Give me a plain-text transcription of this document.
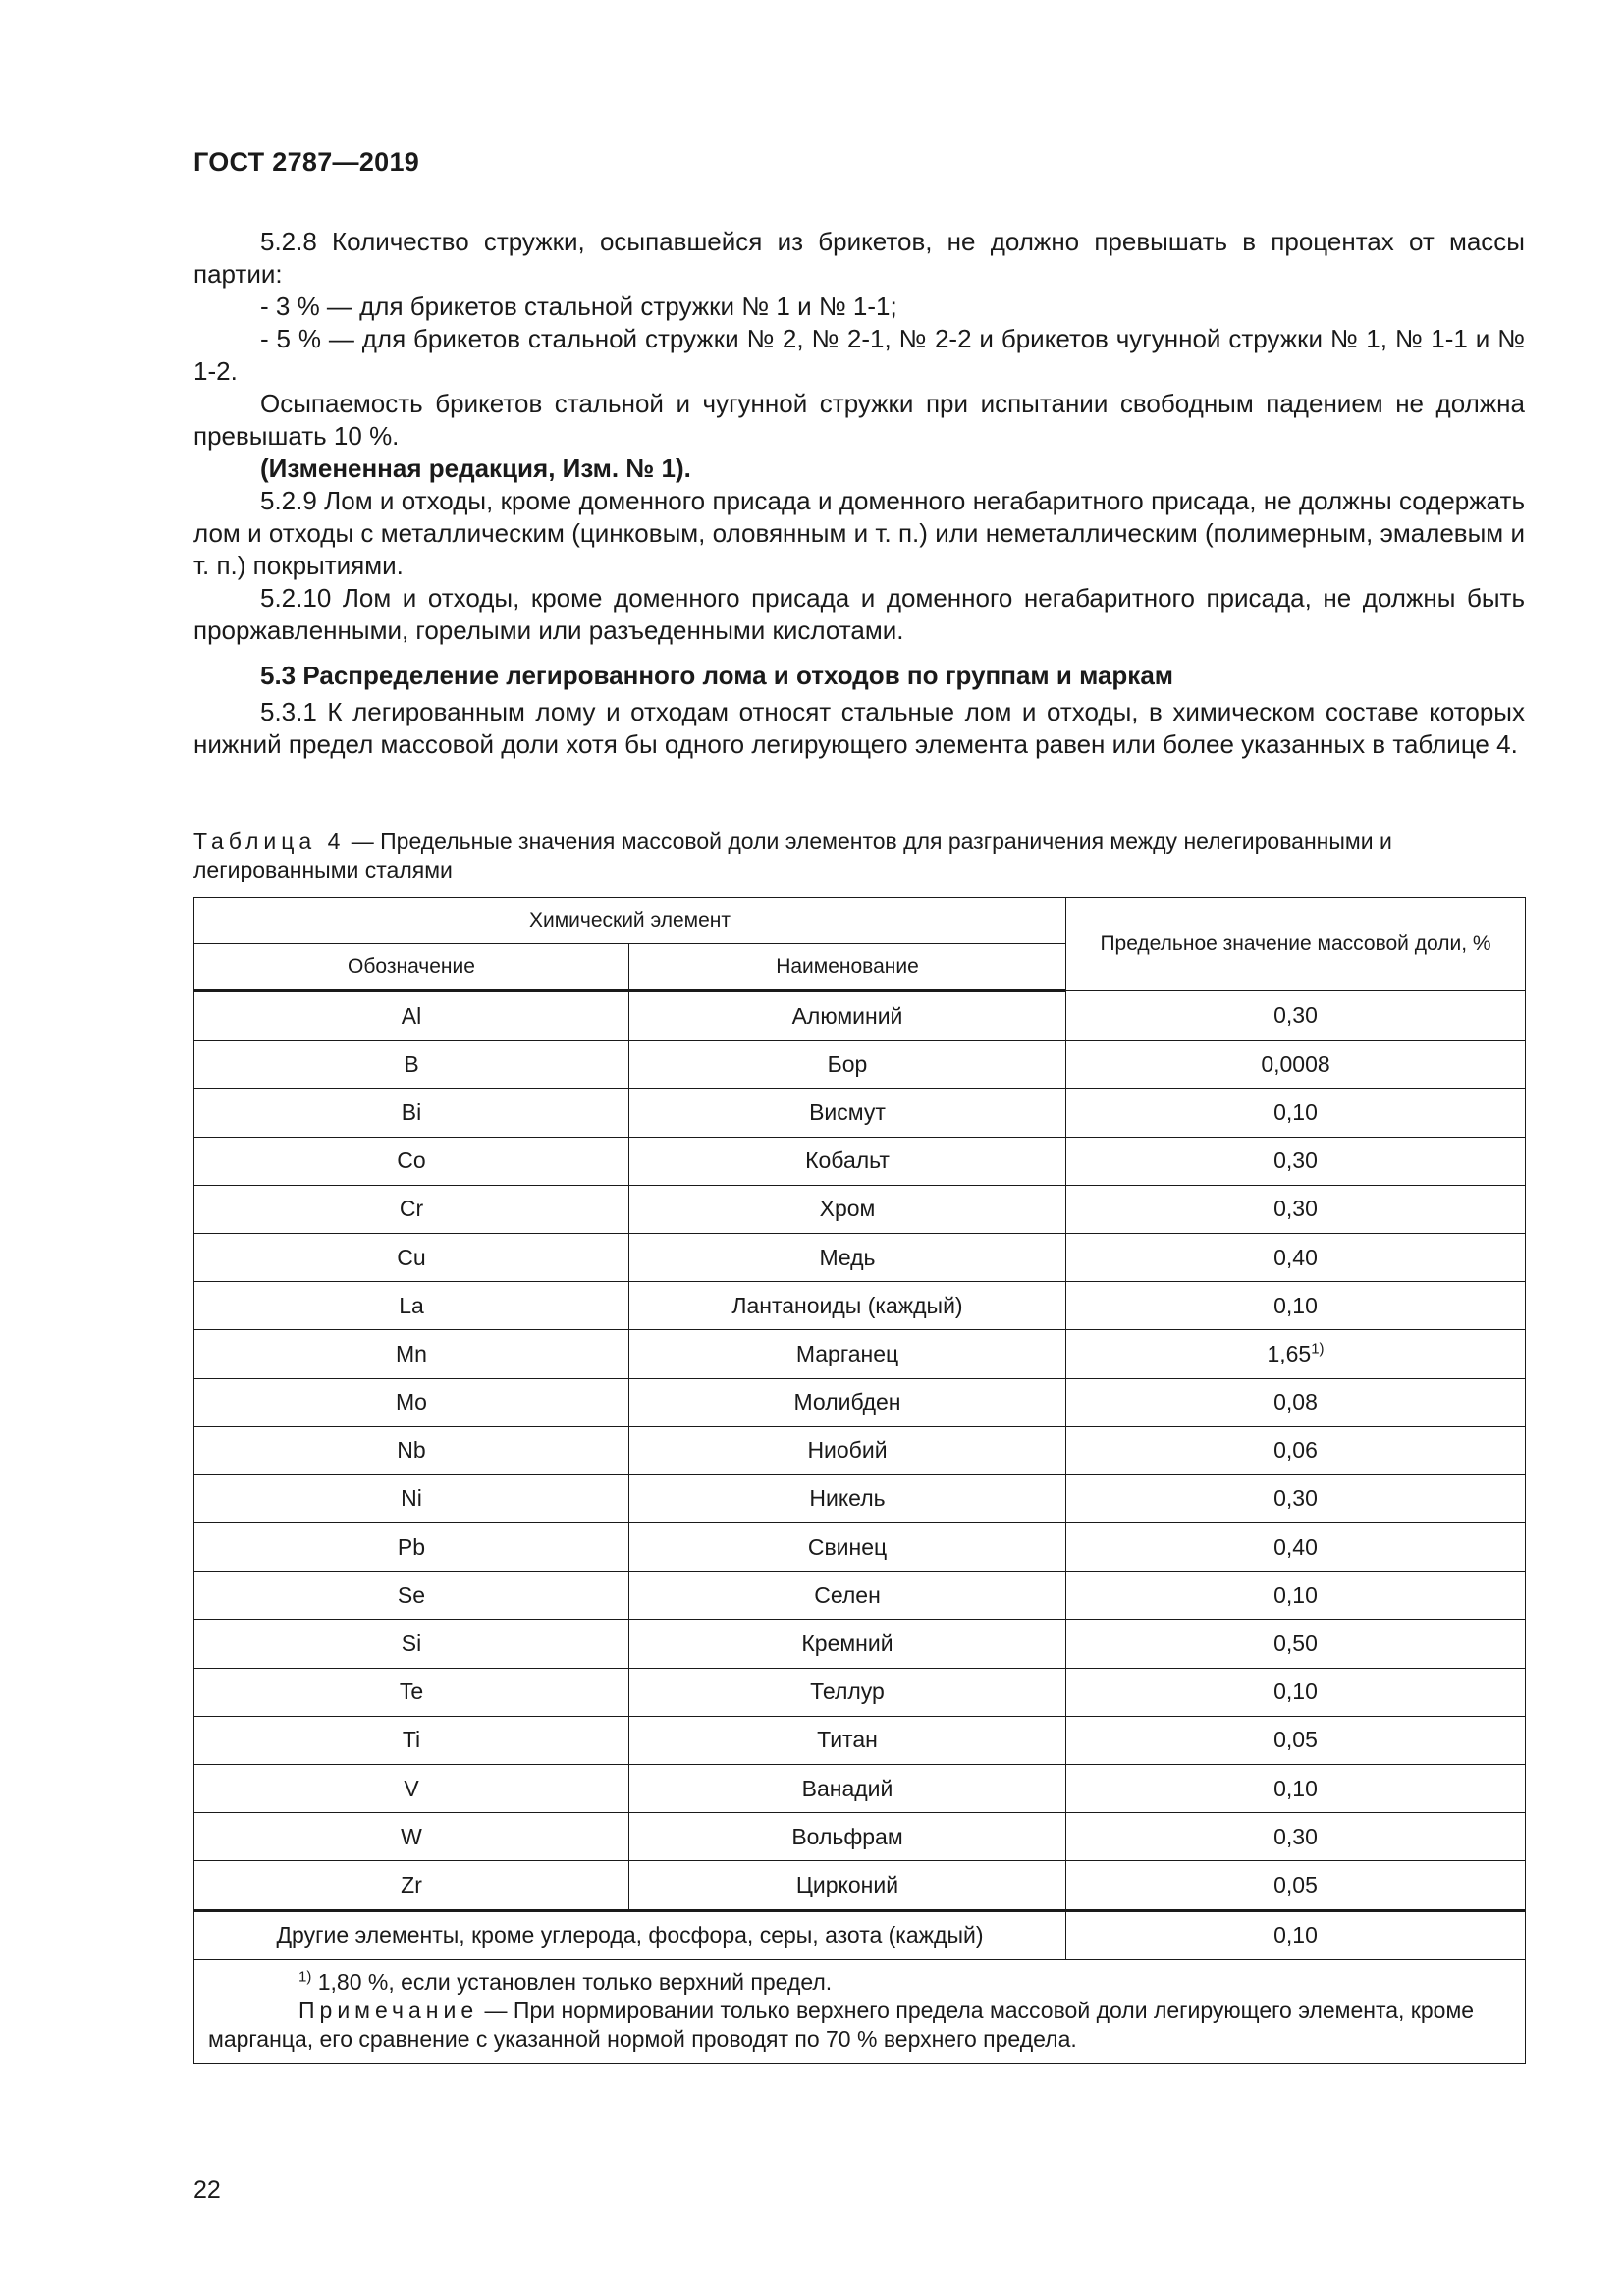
ГОСТ 2787—2019

5.2.8 Количество стружки, осыпавшейся из брикетов, не должно превышать в процентах от массы партии:

- 3 % — для брикетов стальной стружки № 1 и № 1-1;

- 5 % — для брикетов стальной стружки № 2, № 2-1, № 2-2 и брикетов чугунной стружки № 1, № 1-1 и № 1-2.

Осыпаемость брикетов стальной и чугунной стружки при испытании свободным падением не должна превышать 10 %.

(Измененная редакция, Изм. № 1).

5.2.9 Лом и отходы, кроме доменного присада и доменного негабаритного присада, не должны содержать лом и отходы с металлическим (цинковым, оловянным и т. п.) или неметаллическим (полимерным, эмалевым и т. п.) покрытиями.

5.2.10 Лом и отходы, кроме доменного присада и доменного негабаритного присада, не должны быть проржавленными, горелыми или разъеденными кислотами.

5.3 Распределение легированного лома и отходов по группам и маркам

5.3.1 К легированным лому и отходам относят стальные лом и отходы, в химическом составе которых нижний предел массовой доли хотя бы одного легирующего элемента равен или более указанных в таблице 4.

Таблица 4 — Предельные значения массовой доли элементов для разграничения между нелегированными и легированными сталями
Химический элемент		Предельное значение массовой доли, %
Обозначение	Наименование	
Al	Алюминий	0,30
B	Бор	0,0008
Bi	Висмут	0,10
Co	Кобальт	0,30
Cr	Хром	0,30
Cu	Медь	0,40
La	Лантаноиды (каждый)	0,10
Mn	Марганец	1,65$^{1)}$
Mo	Молибден	0,08
Nb	Ниобий	0,06
Ni	Никель	0,30
Pb	Свинец	0,40
Se	Селен	0,10
Si	Кремний	0,50
Te	Теллур	0,10
Ti	Титан	0,05
V	Ванадий	0,10
W	Вольфрам	0,30
Zr	Цирконий	0,05
Другие элементы, кроме углерода, фосфора, серы, азота (каждый)		0,10

$^{1)}$ 1,80 %, если установлен только верхний предел.

Примечание — При нормировании только верхнего предела массовой доли легирующего элемента, кроме марганца, его сравнение с указанной нормой проводят по 70 % верхнего предела.		

22
